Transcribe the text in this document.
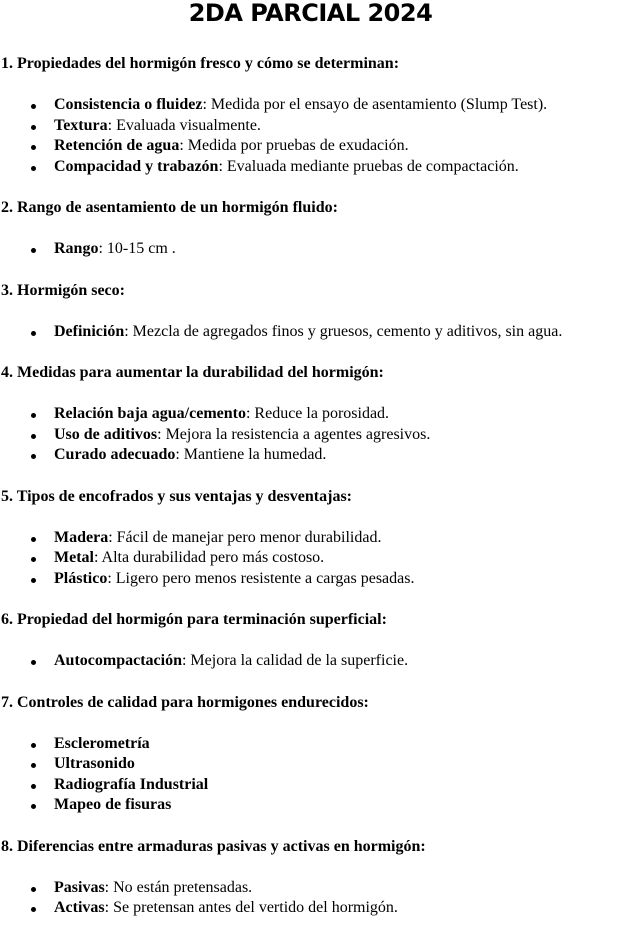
2DA PARCIAL 2024

1. Propiedades del hormigón fresco y cómo se determinan:

Consistencia o fluidez: Medida por el ensayo de asentamiento (Slump Test).
Textura: Evaluada visualmente.
Retención de agua: Medida por pruebas de exudación.
Compacidad y trabazón: Evaluada mediante pruebas de compactación.

2. Rango de asentamiento de un hormigón fluido:

Rango: 10-15 cm .

3. Hormigón seco:

Definición: Mezcla de agregados finos y gruesos, cemento y aditivos, sin agua.

4. Medidas para aumentar la durabilidad del hormigón:

Relación baja agua/cemento: Reduce la porosidad.
Uso de aditivos: Mejora la resistencia a agentes agresivos.
Curado adecuado: Mantiene la humedad.

5. Tipos de encofrados y sus ventajas y desventajas:

Madera: Fácil de manejar pero menor durabilidad.
Metal: Alta durabilidad pero más costoso.
Plástico: Ligero pero menos resistente a cargas pesadas.

6. Propiedad del hormigón para terminación superficial:

Autocompactación: Mejora la calidad de la superficie.

7. Controles de calidad para hormigones endurecidos:

Esclerometría
Ultrasonido
Radiografía Industrial
Mapeo de fisuras

8. Diferencias entre armaduras pasivas y activas en hormigón:

Pasivas: No están pretensadas.
Activas: Se pretensan antes del vertido del hormigón.
